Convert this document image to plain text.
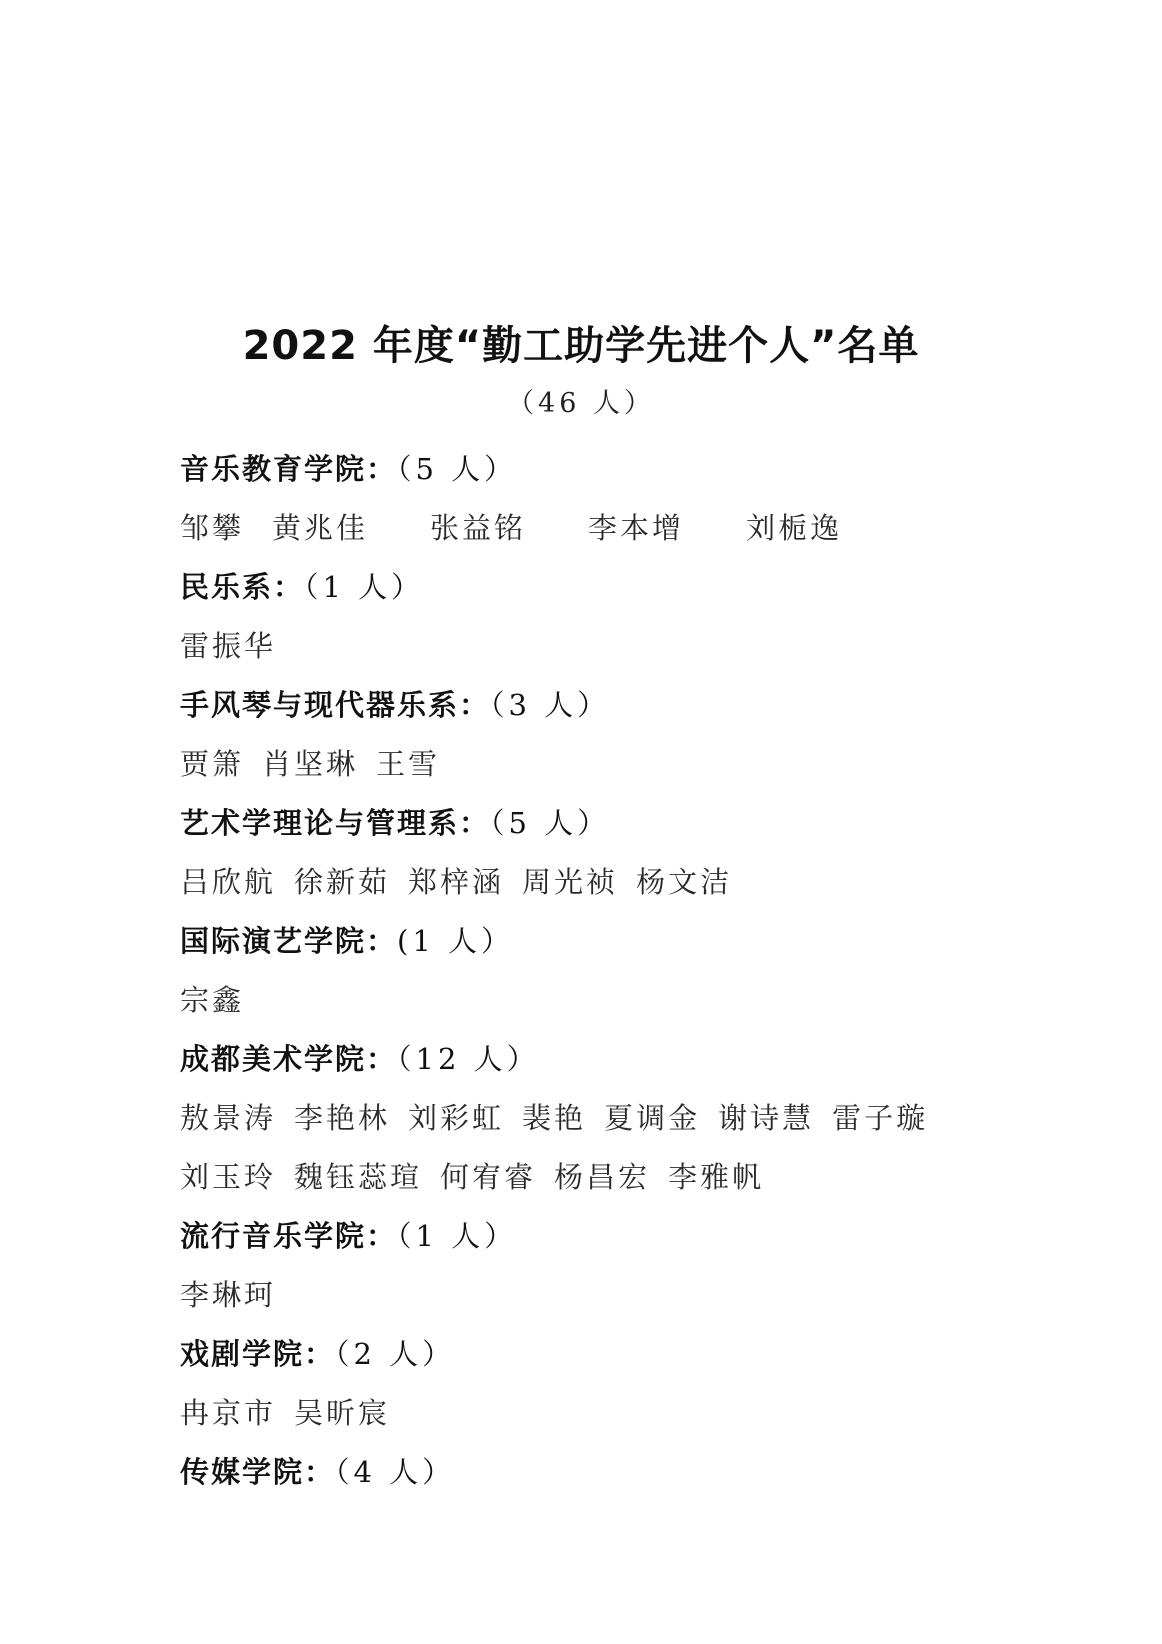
2022 年度“勤工助学先进个人”名单
（46 人）
音乐教育学院：（5 人）
邹攀 黄兆佳 张益铭 李本增 刘栀逸
民乐系：（1 人）
雷振华
手风琴与现代器乐系：（3 人）
贾箫 肖坚琳 王雪
艺术学理论与管理系：（5 人）
吕欣航 徐新茹 郑梓涵 周光祯 杨文洁
国际演艺学院：(1 人）
宗鑫
成都美术学院：（12 人）
敖景涛 李艳林 刘彩虹 裴艳 夏调金 谢诗慧 雷子璇
刘玉玲 魏钰蕊瑄 何宥睿 杨昌宏 李雅帆
流行音乐学院：（1 人）
李琳珂
戏剧学院：（2 人）
冉京市 吴昕宸
传媒学院：（4 人）
